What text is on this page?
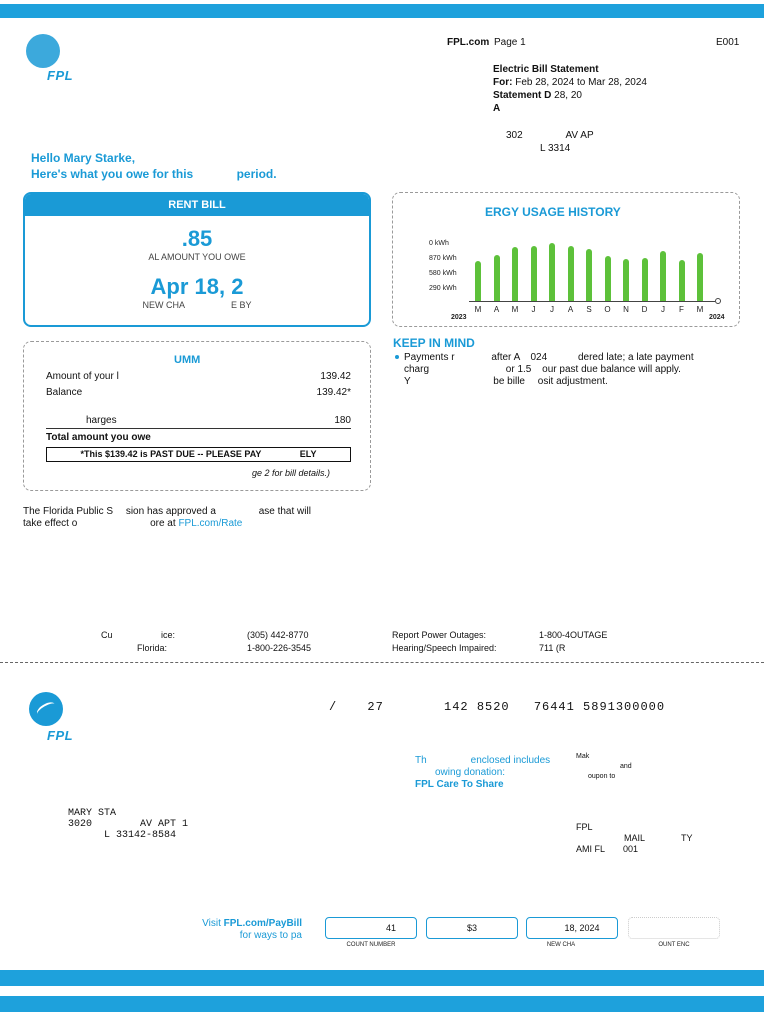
FPL
FPL.com Page 1	E001
Electric Bill Statement
For: Feb 28, 2024 to Mar 28, 2024
Statement D 28, 20
A
302	AV AP
L 3314
Hello Mary Starke,
Here's what you owe for this	period.
RENT BILL
.85
AL AMOUNT YOU OWE
Apr 18, 2
NEW CHA	E BY
UMM
Amount of your l	139.42
Balance	139.42*
harges	180
Total amount you owe
*This $139.42 is PAST DUE -- PLEASE PAY	ELY
ge 2 for bill details.)
The Florida Public S sion has approved a	ase that will
take effect o	ore at FPL.com/Rate
ERGY USAGE HISTORY
0 kWh
870 kWh
580 kWh
290 kWh
M	A	M	J	J	A	S	O	N	D	J	F	M
2023	2024
KEEP IN MIND
Payments r	after A 024	dered late; a late payment
charg	or 1.5 our past due balance will apply.
Y	be bille osit adjustment.
Cu	ice:	(305) 442-8770
Florida:	1-800-226-3545
Report Power Outages:	1-800-4OUTAGE
Hearing/Speech Impaired:	711 (R
FPL
/	27	142 8520 76441 5891300000
Th	enclosed includes
owing donation:
FPL Care To Share
Mak
and
oupon to
MARY STA
3020	AV APT 1
L 33142-8584
FPL
MAIL	TY
AMI FL 001
Visit FPL.com/PayBill
for ways to pa
41
COUNT NUMBER
$3	18, 2024
NEW CHA	OUNT ENC
